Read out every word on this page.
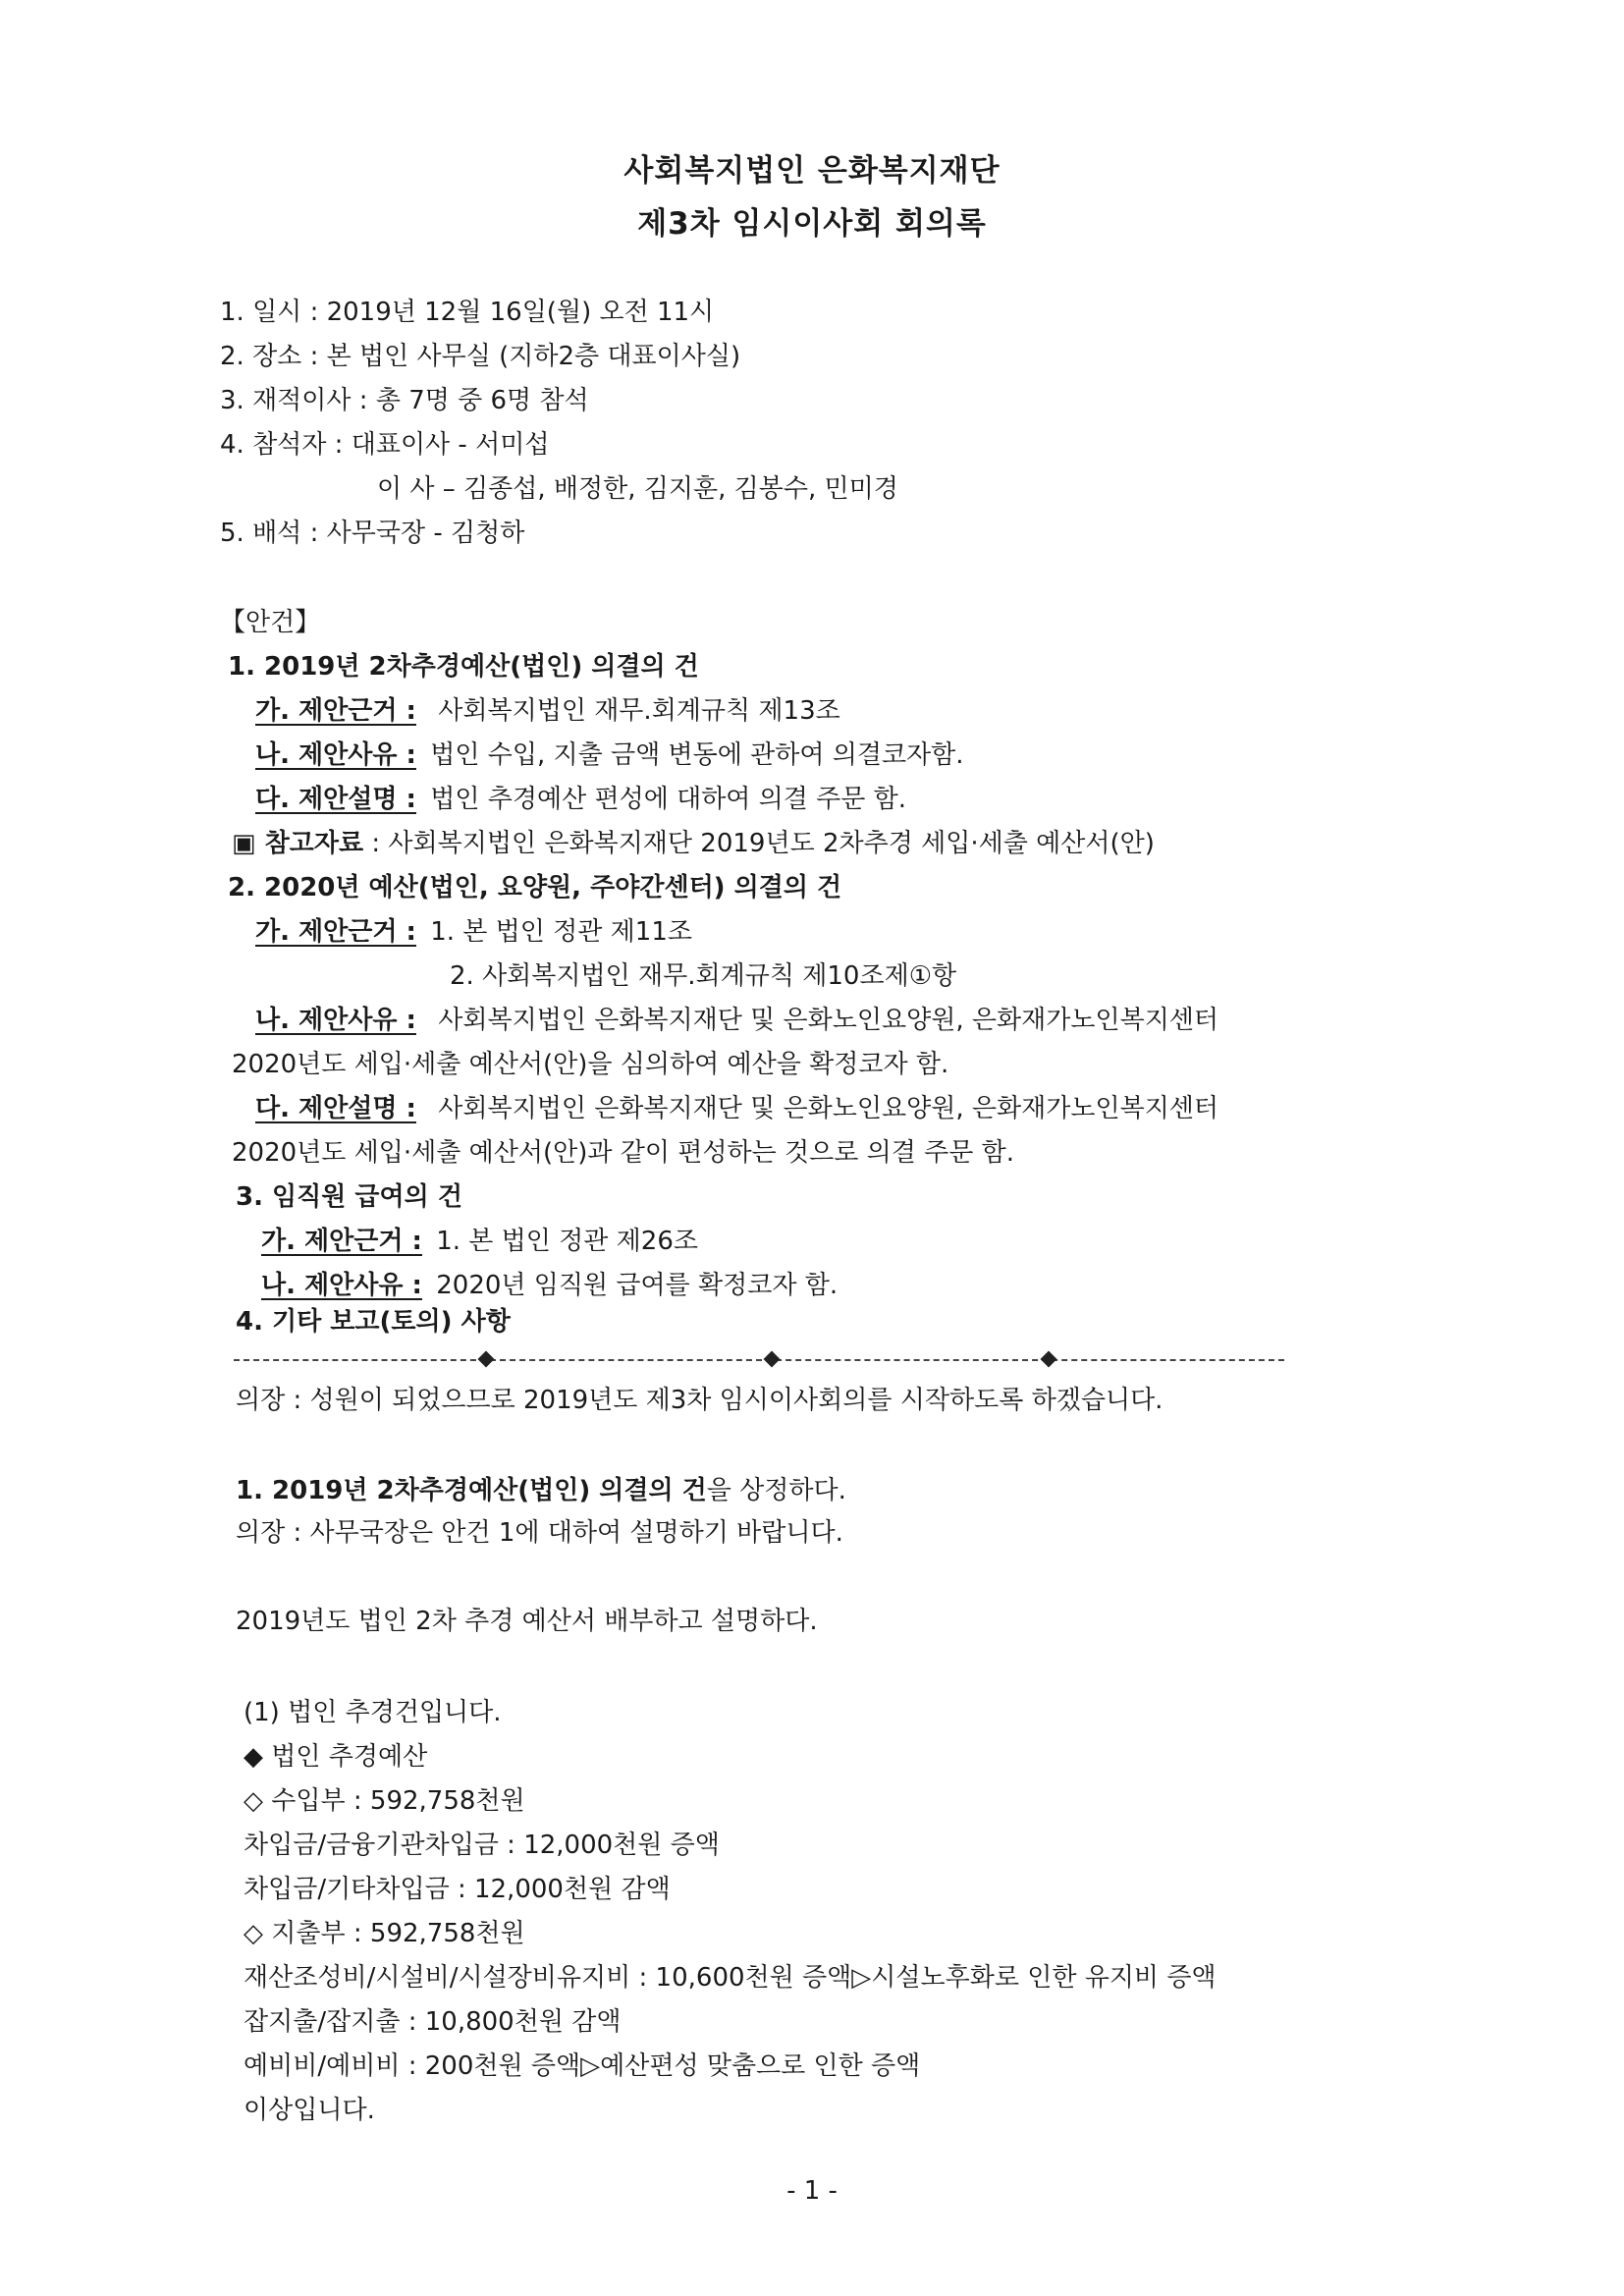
사회복지법인 은화복지재단
제3차 임시이사회 회의록
1. 일시 : 2019년 12월 16일(월) 오전 11시
2. 장소 : 본 법인 사무실 (지하2층 대표이사실)
3. 재적이사 : 총 7명 중 6명 참석
4. 참석자 : 대표이사 - 서미섭
이 사 – 김종섭, 배정한, 김지훈, 김봉수, 민미경
5. 배석 : 사무국장 - 김청하
【안건】
1. 2019년 2차추경예산(법인) 의결의 건
가. 제안근거 : 사회복지법인 재무.회계규칙 제13조
나. 제안사유 : 법인 수입, 지출 금액 변동에 관하여 의결코자함.
다. 제안설명 : 법인 추경예산 편성에 대하여 의결 주문 함.
▣ 참고자료 : 사회복지법인 은화복지재단 2019년도 2차추경 세입·세출 예산서(안)
2. 2020년 예산(법인, 요양원, 주야간센터) 의결의 건
가. 제안근거 : 1. 본 법인 정관 제11조
2. 사회복지법인 재무.회계규칙 제10조제①항
나. 제안사유 : 사회복지법인 은화복지재단 및 은화노인요양원, 은화재가노인복지센터
2020년도 세입·세출 예산서(안)을 심의하여 예산을 확정코자 함.
다. 제안설명 : 사회복지법인 은화복지재단 및 은화노인요양원, 은화재가노인복지센터
2020년도 세입·세출 예산서(안)과 같이 편성하는 것으로 의결 주문 함.
3. 임직원 급여의 건
가. 제안근거 : 1. 본 법인 정관 제26조
나. 제안사유 : 2020년 임직원 급여를 확정코자 함.
4. 기타 보고(토의) 사항
의장 : 성원이 되었으므로 2019년도 제3차 임시이사회의를 시작하도록 하겠습니다.
1. 2019년 2차추경예산(법인) 의결의 건을 상정하다.
의장 : 사무국장은 안건 1에 대하여 설명하기 바랍니다.
2019년도 법인 2차 추경 예산서 배부하고 설명하다.
(1) 법인 추경건입니다.
◆ 법인 추경예산
◇ 수입부 : 592,758천원
차입금/금융기관차입금 : 12,000천원 증액
차입금/기타차입금 : 12,000천원 감액
◇ 지출부 : 592,758천원
재산조성비/시설비/시설장비유지비 : 10,600천원 증액▷시설노후화로 인한 유지비 증액
잡지출/잡지출 : 10,800천원 감액
예비비/예비비 : 200천원 증액▷예산편성 맞춤으로 인한 증액
이상입니다.
- 1 -
